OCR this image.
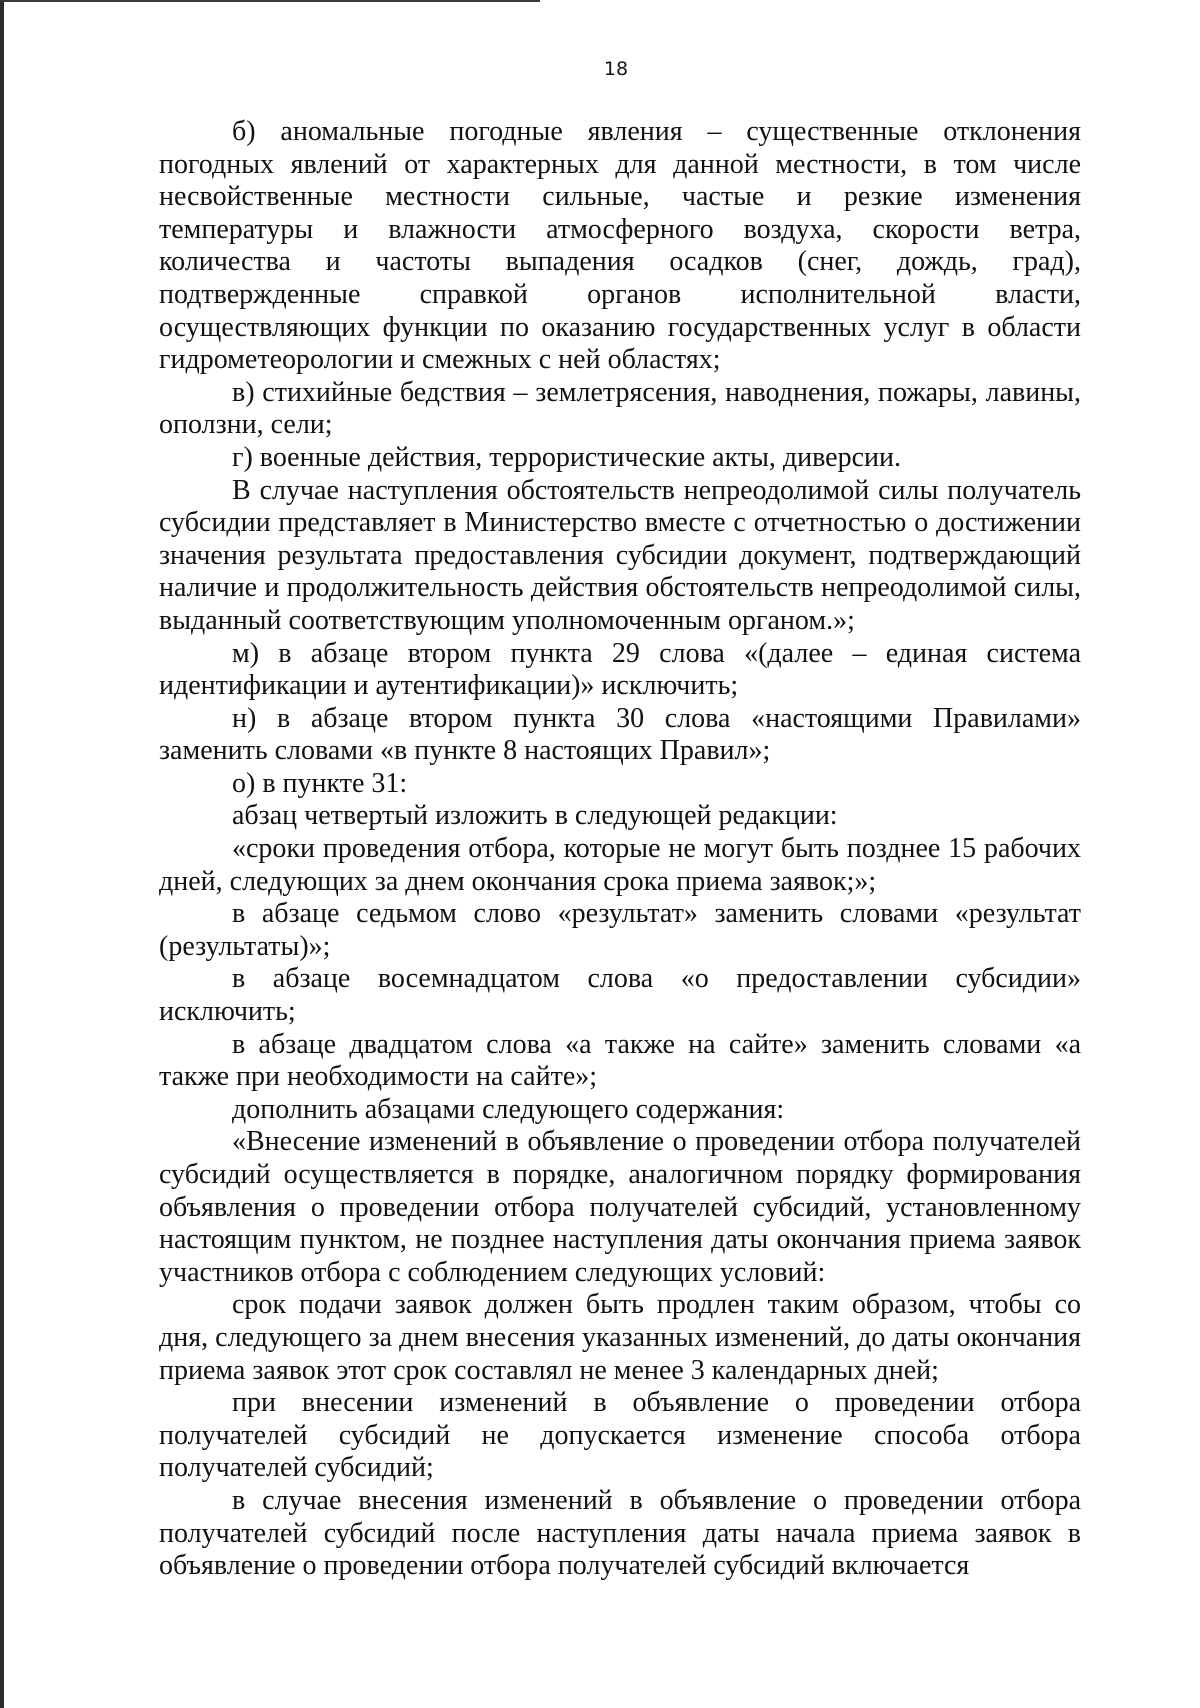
18

б) аномальные погодные явления – существенные отклонения погодных явлений от характерных для данной местности, в том числе несвойственные местности сильные, частые и резкие изменения температуры и влажности атмосферного воздуха, скорости ветра, количества и частоты выпадения осадков (снег, дождь, град), подтвержденные справкой органов исполнительной власти, осуществляющих функции по оказанию государственных услуг в области гидрометеорологии и смежных с ней областях;

в) стихийные бедствия – землетрясения, наводнения, пожары, лавины, оползни, сели;

г) военные действия, террористические акты, диверсии.

В случае наступления обстоятельств непреодолимой силы получатель субсидии представляет в Министерство вместе с отчетностью о достижении значения результата предоставления субсидии документ, подтверждающий наличие и продолжительность действия обстоятельств непреодолимой силы, выданный соответствующим уполномоченным органом.»;

м) в абзаце втором пункта 29 слова «(далее – единая система идентификации и аутентификации)» исключить;

н) в абзаце втором пункта 30 слова «настоящими Правилами» заменить словами «в пункте 8 настоящих Правил»;

о) в пункте 31:

абзац четвертый изложить в следующей редакции:

«сроки проведения отбора, которые не могут быть позднее 15 рабочих дней, следующих за днем окончания срока приема заявок;»;

в абзаце седьмом слово «результат» заменить словами «результат (результаты)»;

в абзаце восемнадцатом слова «о предоставлении субсидии» исключить;

в абзаце двадцатом слова «а также на сайте» заменить словами «а также при необходимости на сайте»;

дополнить абзацами следующего содержания:

«Внесение изменений в объявление о проведении отбора получателей субсидий осуществляется в порядке, аналогичном порядку формирования объявления о проведении отбора получателей субсидий, установленному настоящим пунктом, не позднее наступления даты окончания приема заявок участников отбора с соблюдением следующих условий:

срок подачи заявок должен быть продлен таким образом, чтобы со дня, следующего за днем внесения указанных изменений, до даты окончания приема заявок этот срок составлял не менее 3 календарных дней;

при внесении изменений в объявление о проведении отбора получателей субсидий не допускается изменение способа отбора получателей субсидий;

в случае внесения изменений в объявление о проведении отбора получателей субсидий после наступления даты начала приема заявок в объявление о проведении отбора получателей субсидий включается
